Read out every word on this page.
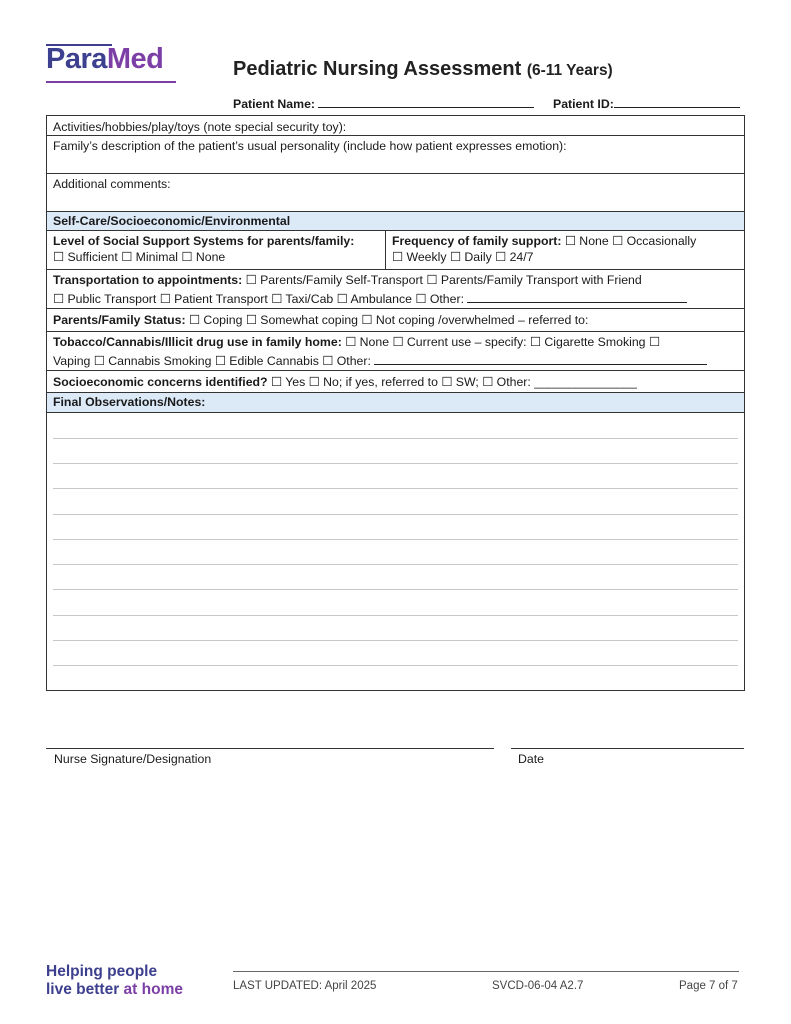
ParaMed	Pediatric Nursing Assessment (6-11 Years)
Patient Name:	Patient ID:
Activities/hobbies/play/toys (note special security toy):
Family’s description of the patient’s usual personality (include how patient expresses emotion):
Additional comments:
Self-Care/Socioeconomic/Environmental
Level of Social Support Systems for parents/family:
☐ Sufficient ☐ Minimal ☐ None
Frequency of family support: ☐ None ☐ Occasionally
☐ Weekly ☐ Daily ☐ 24/7
Transportation to appointments: ☐ Parents/Family Self-Transport ☐ Parents/Family Transport with Friend
☐ Public Transport ☐ Patient Transport ☐ Taxi/Cab ☐ Ambulance ☐ Other:
Parents/Family Status: ☐ Coping ☐ Somewhat coping ☐ Not coping /overwhelmed – referred to:
Tobacco/Cannabis/Illicit drug use in family home: ☐ None ☐ Current use – specify: ☐ Cigarette Smoking ☐
Vaping ☐ Cannabis Smoking ☐ Edible Cannabis ☐ Other:
Socioeconomic concerns identified? ☐ Yes ☐ No; if yes, referred to ☐ SW; ☐ Other: _______________
Final Observations/Notes:
Nurse Signature/Designation	Date
Helping people
live better at home	LAST UPDATED: April 2025	SVCD-06-04 A2.7	Page 7 of 7
